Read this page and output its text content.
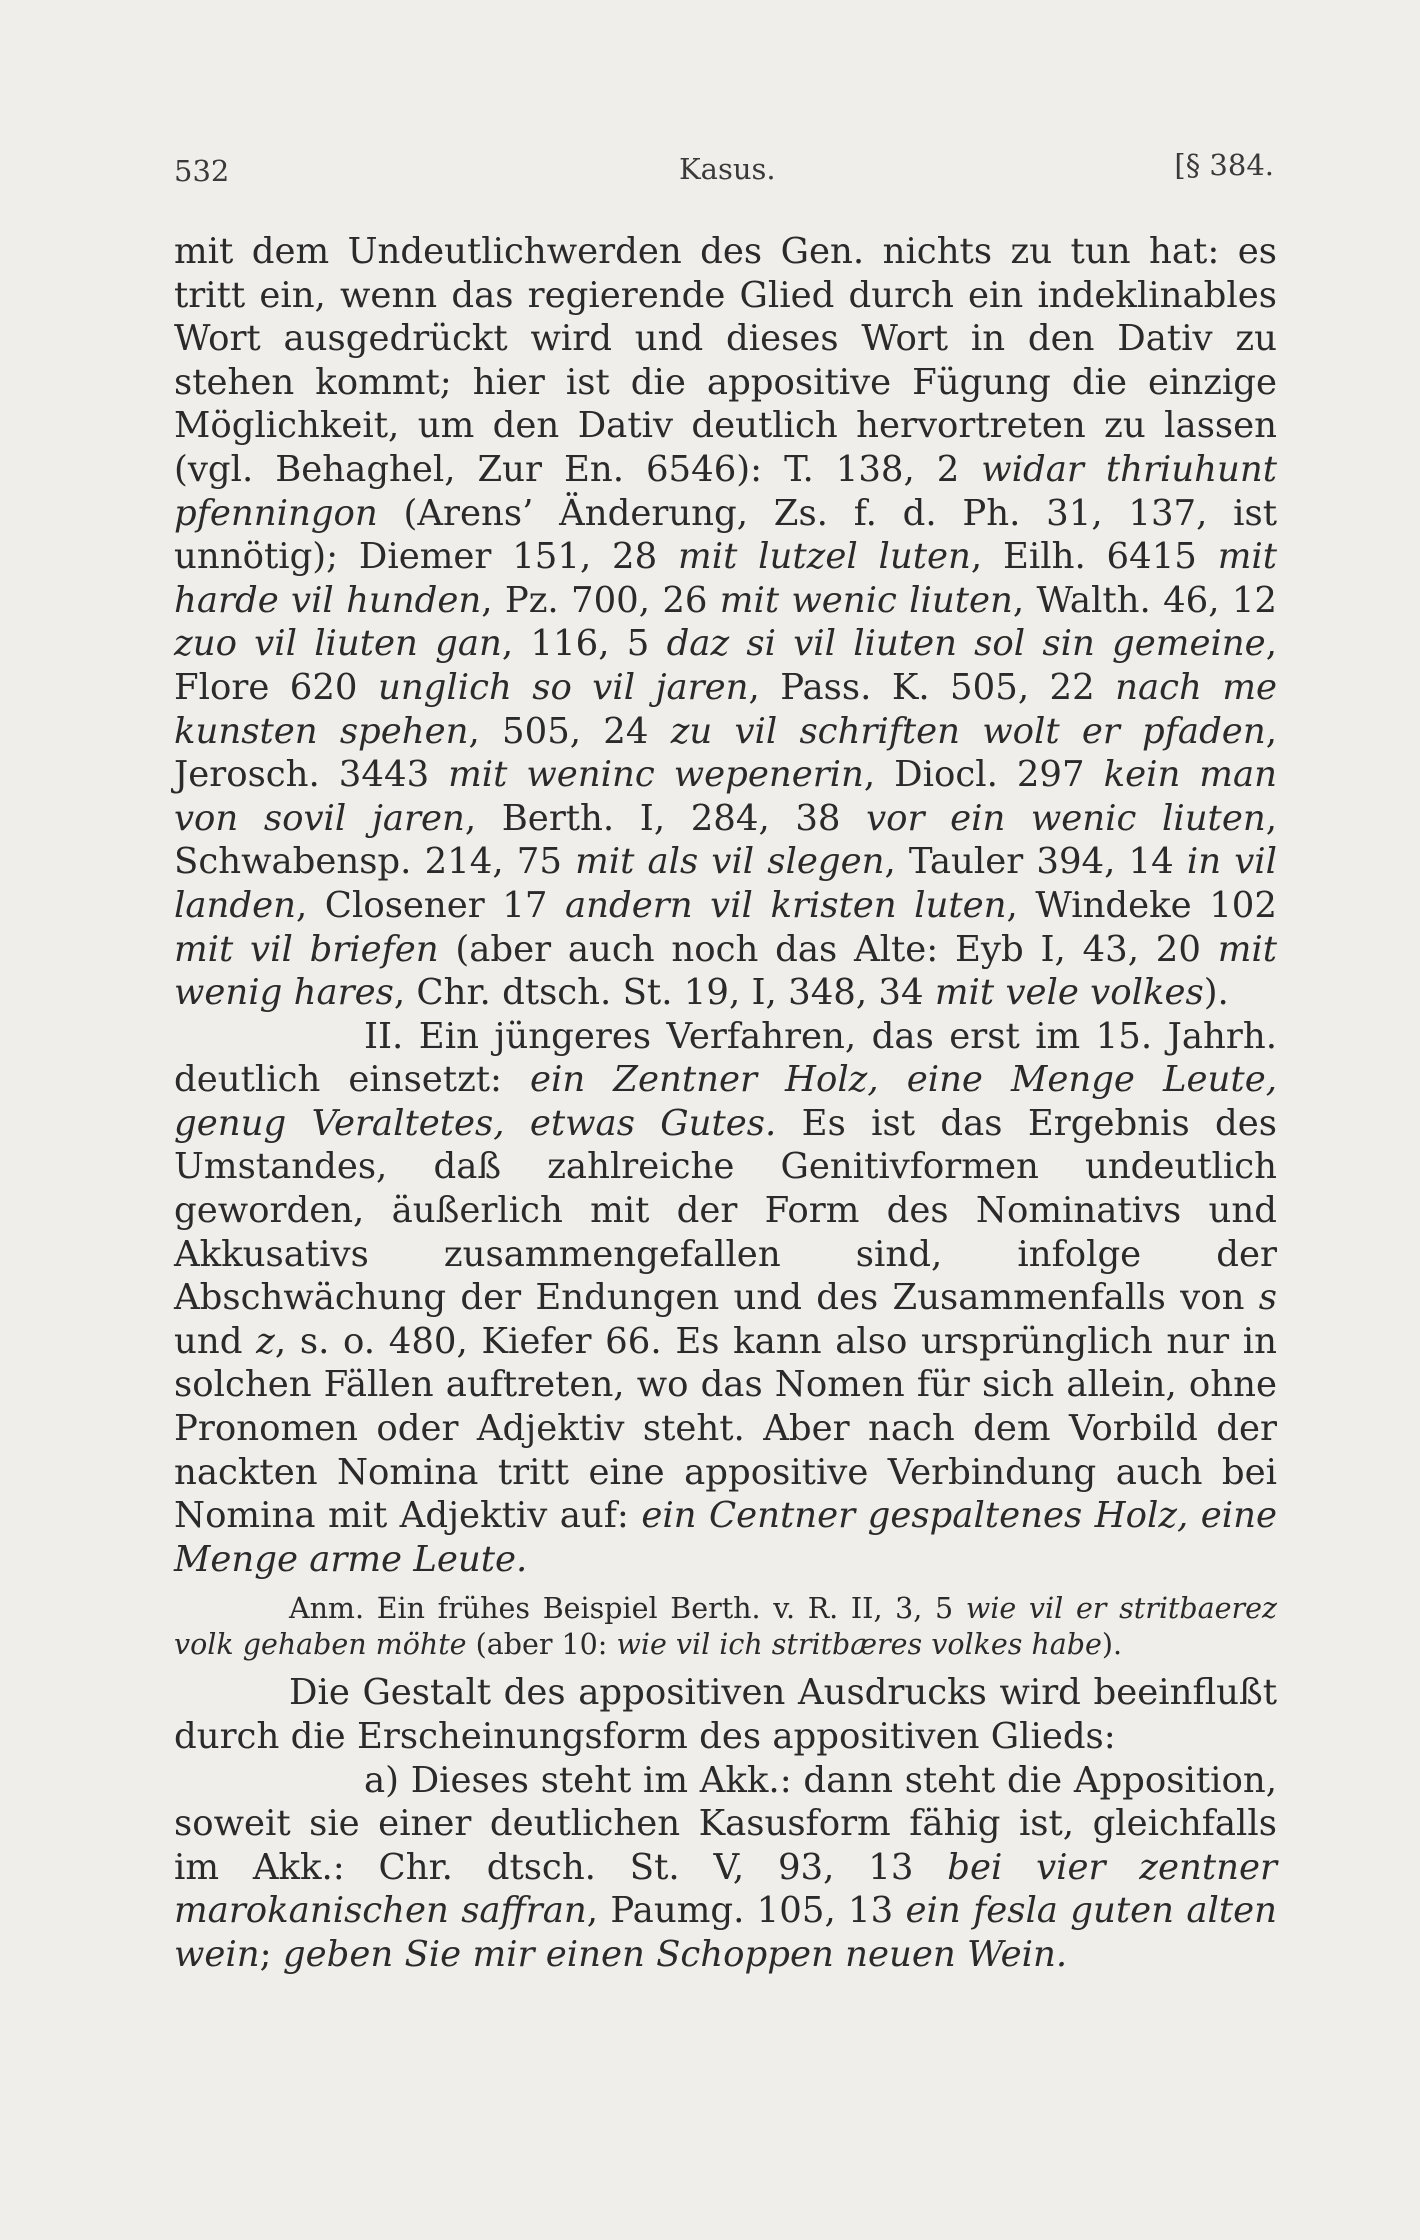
532	Kasus.	[§ 384.

mit dem Undeutlichwerden des Gen. nichts zu tun hat: es tritt ein, wenn das regierende Glied durch ein indeklinables Wort ausgedrückt wird und dieses Wort in den Dativ zu stehen kommt; hier ist die appositive Fügung die einzige Möglichkeit, um den Dativ deutlich hervortreten zu lassen (vgl. Behaghel, Zur En. 6546): T. 138, 2 widar thriuhunt pfenningon (Arens’ Änderung, Zs. f. d. Ph. 31, 137, ist unnötig); Diemer 151, 28 mit lutzel luten, Eilh. 6415 mit harde vil hunden, Pz. 700, 26 mit wenic liuten, Walth. 46, 12 zuo vil liuten gan, 116, 5 daz si vil liuten sol sin gemeine, Flore 620 unglich so vil jaren, Pass. K. 505, 22 nach me kunsten spehen, 505, 24 zu vil schriften wolt er pfaden, Jerosch. 3443 mit weninc wepenerin, Diocl. 297 kein man von sovil jaren, Berth. I, 284, 38 vor ein wenic liuten, Schwabensp. 214, 75 mit als vil slegen, Tauler 394, 14 in vil landen, Closener 17 andern vil kristen luten, Windeke 102 mit vil briefen (aber auch noch das Alte: Eyb I, 43, 20 mit wenig hares, Chr. dtsch. St. 19, I, 348, 34 mit vele volkes).

II. Ein jüngeres Verfahren, das erst im 15. Jahrh. deutlich einsetzt: ein Zentner Holz, eine Menge Leute, genug Veraltetes, etwas Gutes. Es ist das Ergebnis des Umstandes, daß zahlreiche Genitivformen undeutlich geworden, äußerlich mit der Form des Nominativs und Akkusativs zusammengefallen sind, infolge der Abschwächung der Endungen und des Zusammenfalls von s und z, s. o. 480, Kiefer 66. Es kann also ursprünglich nur in solchen Fällen auftreten, wo das Nomen für sich allein, ohne Pronomen oder Adjektiv steht. Aber nach dem Vorbild der nackten Nomina tritt eine appositive Verbindung auch bei Nomina mit Adjektiv auf: ein Centner gespaltenes Holz, eine Menge arme Leute.

Anm. Ein frühes Beispiel Berth. v. R. II, 3, 5 wie vil er stritbaerez volk gehaben möhte (aber 10: wie vil ich stritbæres volkes habe).

Die Gestalt des appositiven Ausdrucks wird beeinflußt durch die Erscheinungsform des appositiven Glieds:

a) Dieses steht im Akk.: dann steht die Apposition, soweit sie einer deutlichen Kasusform fähig ist, gleichfalls im Akk.: Chr. dtsch. St. V, 93, 13 bei vier zentner marokanischen saffran, Paumg. 105, 13 ein fesla guten alten wein; geben Sie mir einen Schoppen neuen Wein.
